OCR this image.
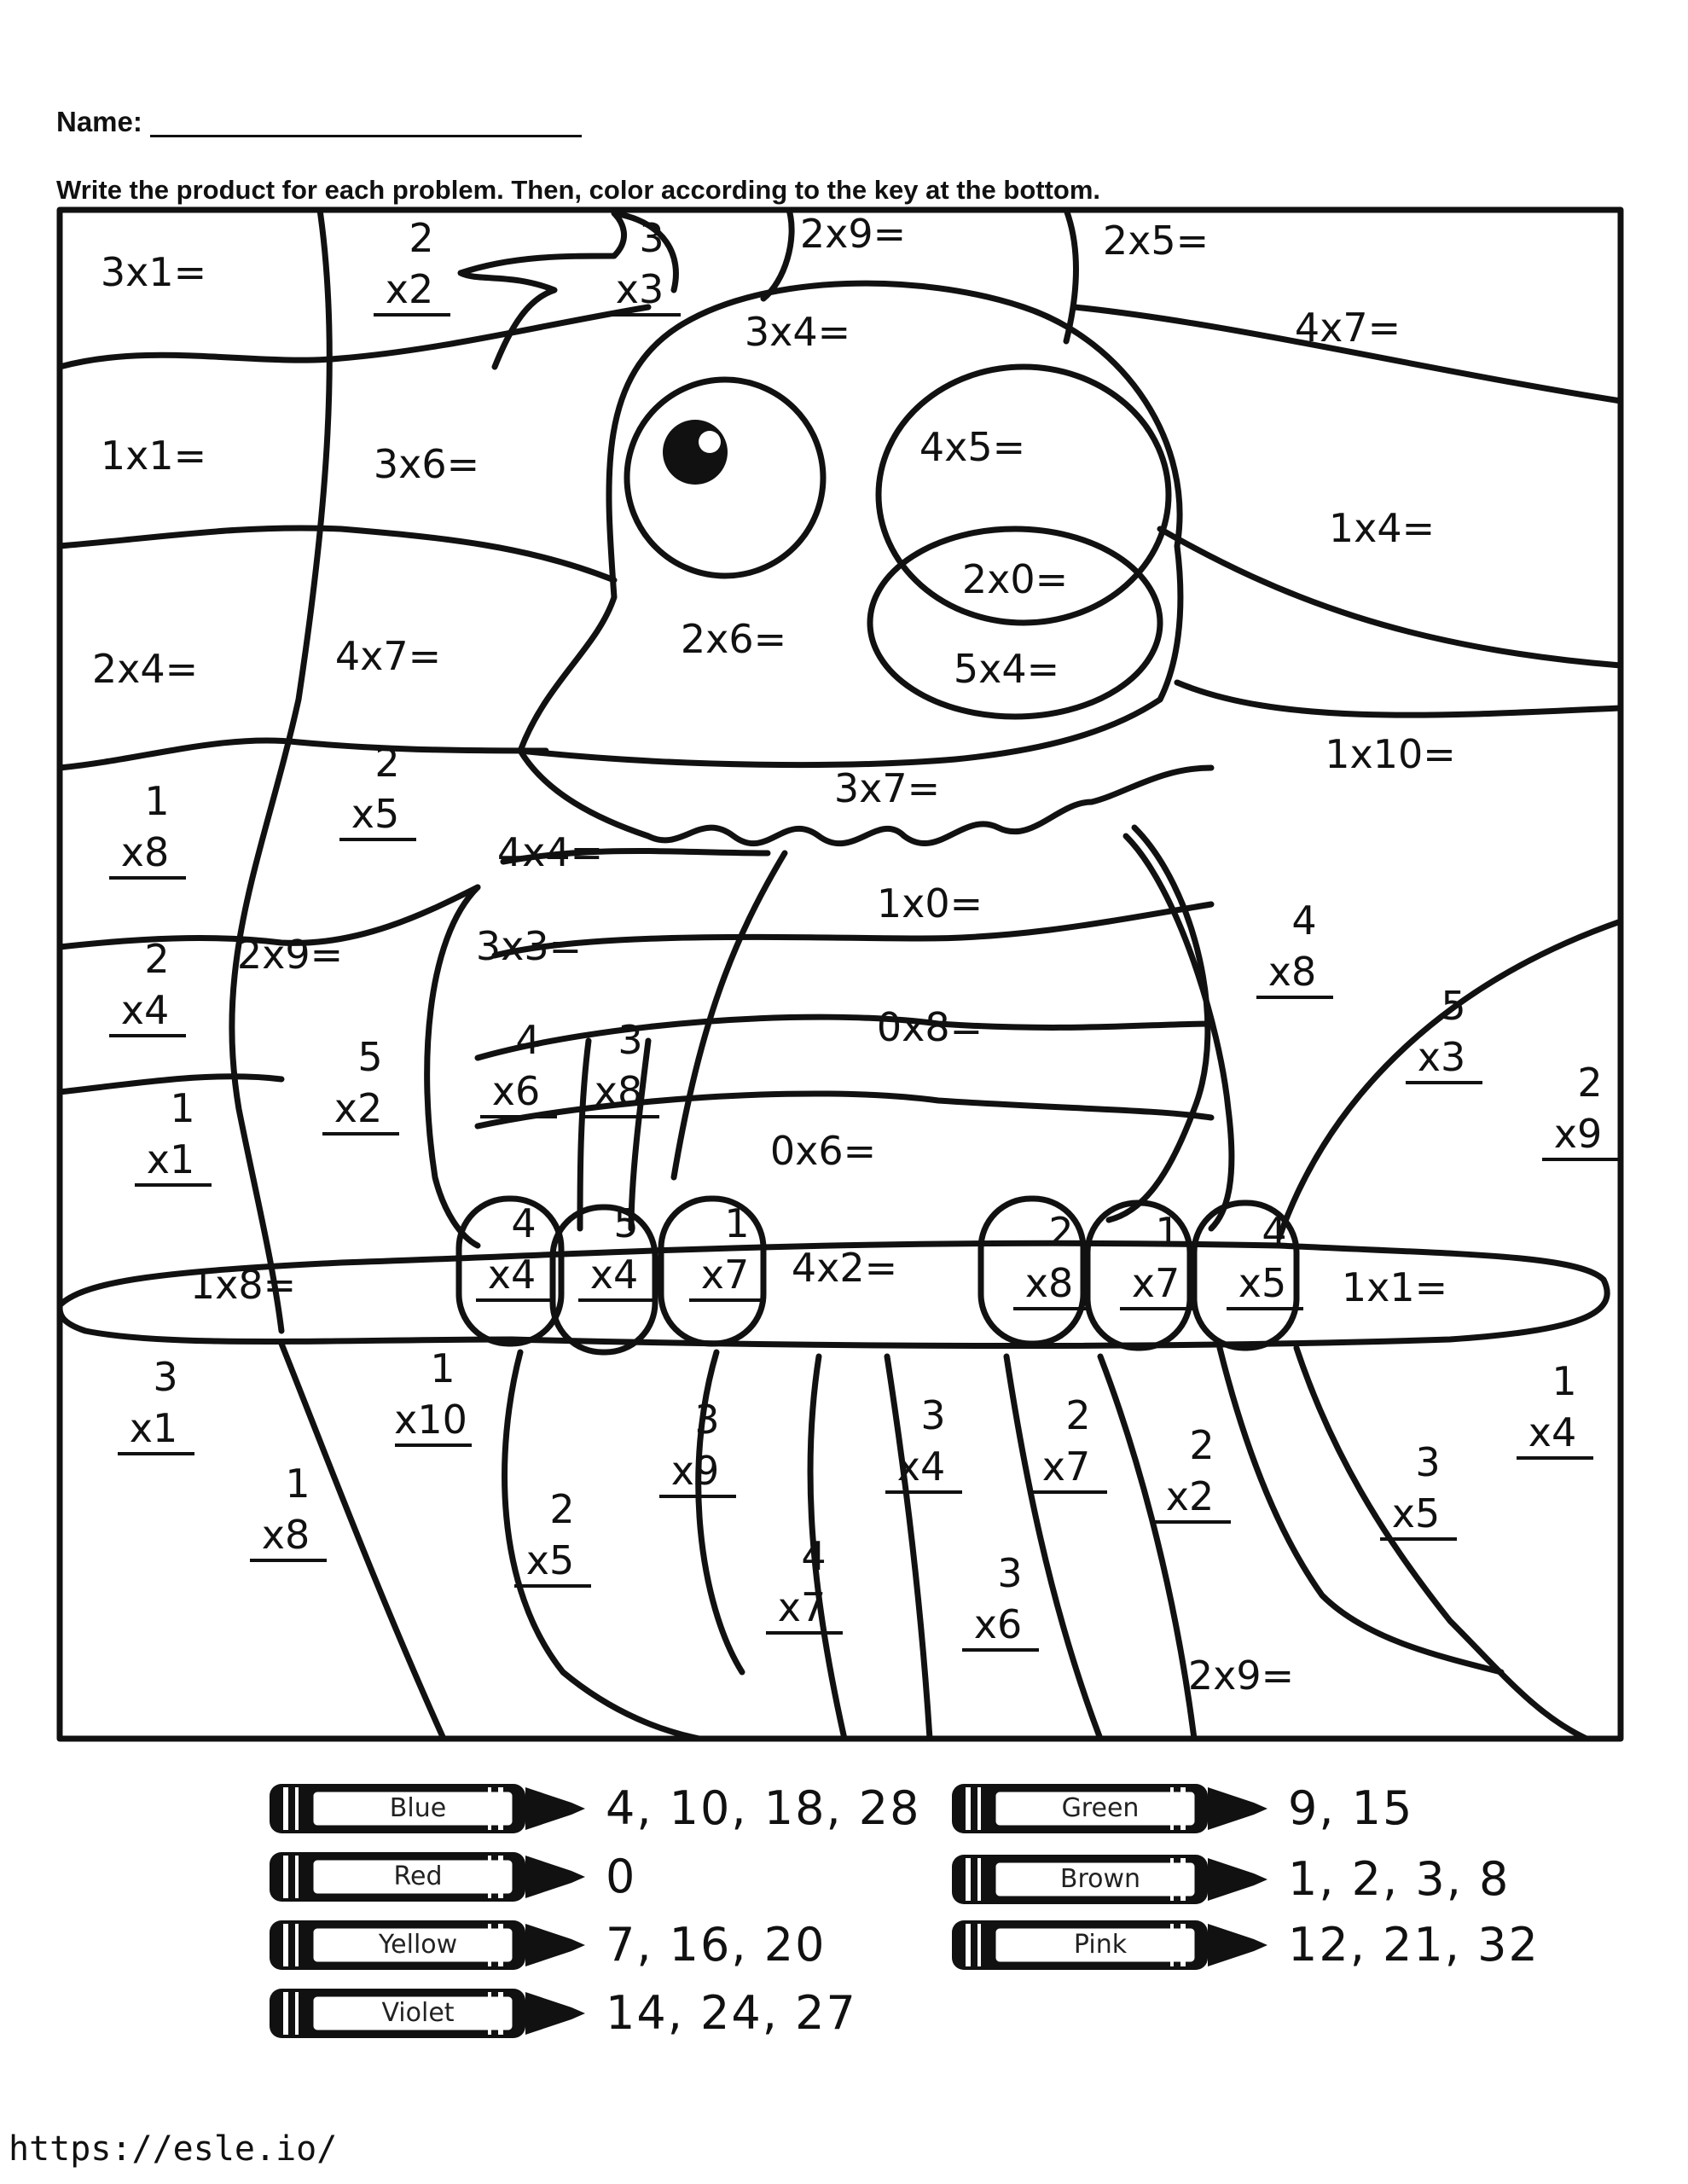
Name:
Write the product for each problem. Then, color according to the key at the bottom.
3x1=
2x9=	2x5=
3x4=	4x7=
1x1=	3x6=	4x5=
1x4=
2x0=
2x4=	4x7=	2x6=
5x4=
1x10=
3x7=
4x4=
1x0=
2x9=	3x3=
0x8=
0x6=
1x8=	4x2=	1x1=
2x9=
2
x2
3
x3
1
x8
2
x5
4
x8
2
x4
5
x2
4
x6
3
x8
5
x3
2
x9
1
x1
4
x4
5
x4
1
x7
2
x8
1
x7
4
x5
3
x1
1
x10	3
x9
3
x4
2
x7	2
x2
1
x4
1
x8
2
x5	4
x7
3
x6
3
x5
Blue	4, 10, 18, 28
Red	0
Yellow	7, 16, 20
Violet	14, 24, 27
Green	9, 15
Brown	1, 2, 3, 8
Pink	12, 21, 32
https://esle.io/
